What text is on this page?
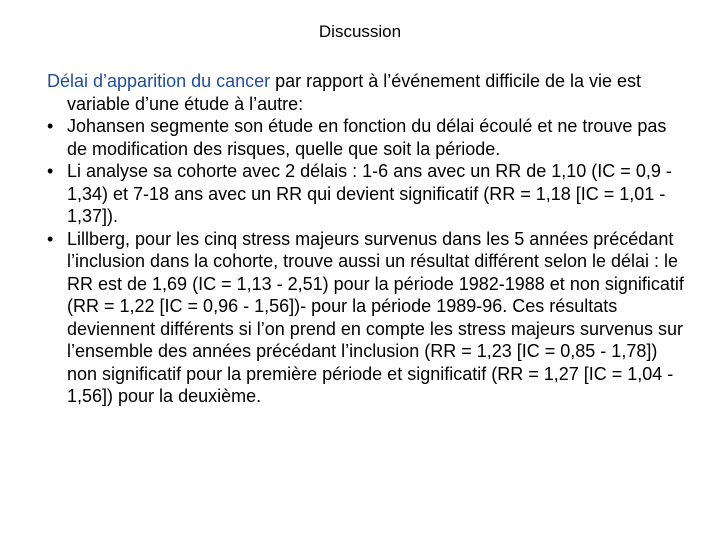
Discussion

Délai d’apparition du cancer par rapport à l’événement difficile de la vie est variable d’une étude à l’autre:

• Johansen segmente son étude en fonction du délai écoulé et ne trouve pas de modification des risques, quelle que soit la période.
• Li analyse sa cohorte avec 2 délais : 1-6 ans avec un RR de 1,10 (IC = 0,9 - 1,34) et 7-18 ans avec un RR qui devient significatif (RR = 1,18 [IC = 1,01 - 1,37]).
• Lillberg, pour les cinq stress majeurs survenus dans les 5 années précédant l’inclusion dans la cohorte, trouve aussi un résultat différent selon le délai : le RR est de 1,69 (IC = 1,13 - 2,51) pour la période 1982-1988 et non significatif (RR = 1,22 [IC = 0,96 - 1,56])- pour la période 1989-96. Ces résultats deviennent différents si l’on prend en compte les stress majeurs survenus sur l’ensemble des années précédant l’inclusion (RR = 1,23 [IC = 0,85 - 1,78]) non significatif pour la première période et significatif (RR = 1,27 [IC = 1,04 - 1,56]) pour la deuxième.
